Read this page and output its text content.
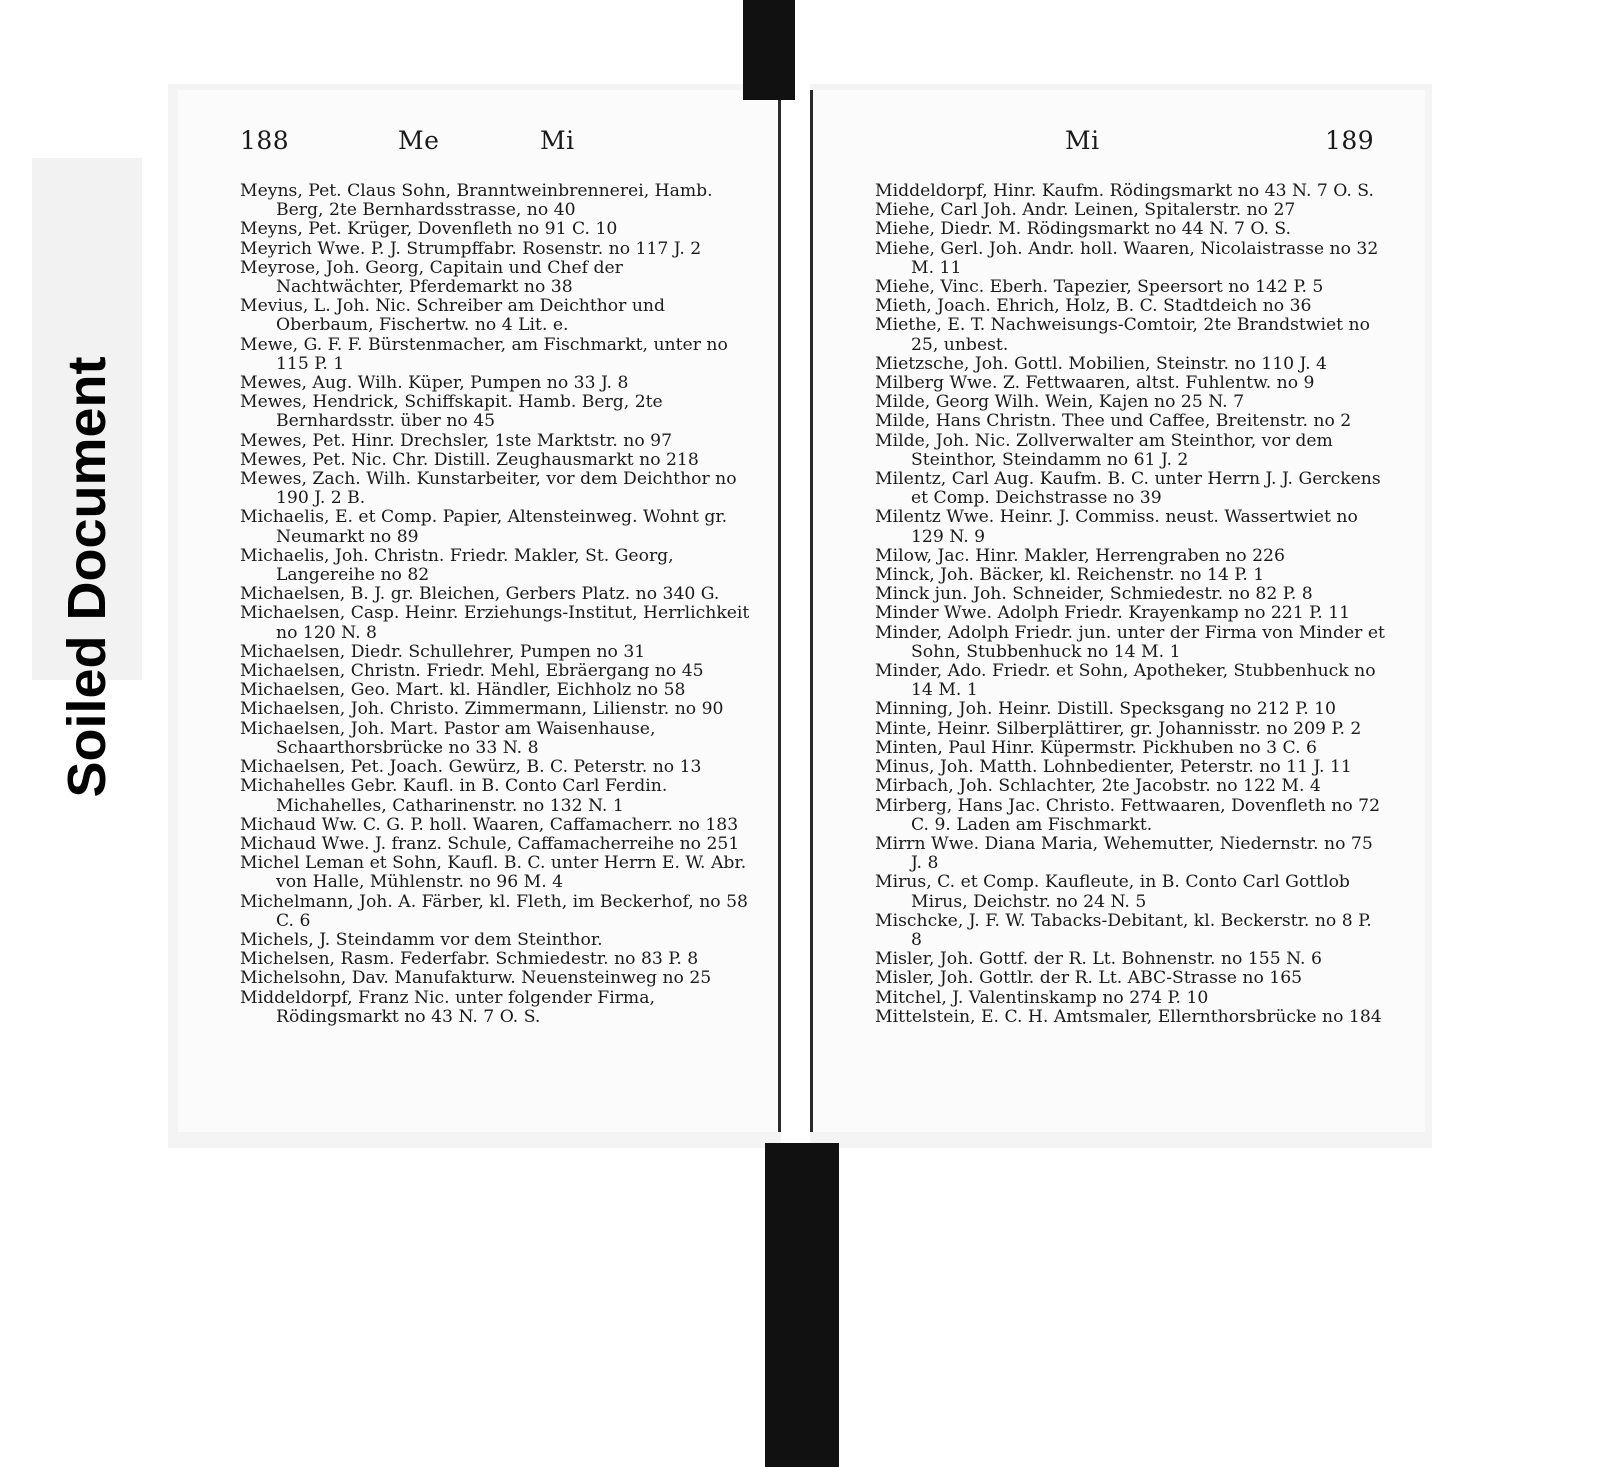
Soiled Document
188	Me	Mi
Meyns, Pet. Claus Sohn, Branntweinbrennerei, Hamb. Berg, 2te Bernhardsstrasse, no 40
Meyns, Pet. Krüger, Dovenfleth no 91 C. 10
Meyrich Wwe. P. J. Strumpffabr. Rosenstr. no 117 J. 2
Meyrose, Joh. Georg, Capitain und Chef der Nachtwächter, Pferdemarkt no 38
Mevius, L. Joh. Nic. Schreiber am Deichthor und Oberbaum, Fischertw. no 4 Lit. e.
Mewe, G. F. F. Bürstenmacher, am Fischmarkt, unter no 115 P. 1
Mewes, Aug. Wilh. Küper, Pumpen no 33 J. 8
Mewes, Hendrick, Schiffskapit. Hamb. Berg, 2te Bernhardsstr. über no 45
Mewes, Pet. Hinr. Drechsler, 1ste Marktstr. no 97
Mewes, Pet. Nic. Chr. Distill. Zeughausmarkt no 218
Mewes, Zach. Wilh. Kunstarbeiter, vor dem Deichthor no 190 J. 2 B.
Michaelis, E. et Comp. Papier, Altensteinweg. Wohnt gr. Neumarkt no 89
Michaelis, Joh. Christn. Friedr. Makler, St. Georg, Langereihe no 82
Michaelsen, B. J. gr. Bleichen, Gerbers Platz. no 340 G.
Michaelsen, Casp. Heinr. Erziehungs-Institut, Herrlichkeit no 120 N. 8
Michaelsen, Diedr. Schullehrer, Pumpen no 31
Michaelsen, Christn. Friedr. Mehl, Ebräergang no 45
Michaelsen, Geo. Mart. kl. Händler, Eichholz no 58
Michaelsen, Joh. Christo. Zimmermann, Lilienstr. no 90
Michaelsen, Joh. Mart. Pastor am Waisenhause, Schaarthorsbrücke no 33 N. 8
Michaelsen, Pet. Joach. Gewürz, B. C. Peterstr. no 13
Michahelles Gebr. Kaufl. in B. Conto Carl Ferdin. Michahelles, Catharinenstr. no 132 N. 1
Michaud Ww. C. G. P. holl. Waaren, Caffamacherr. no 183
Michaud Wwe. J. franz. Schule, Caffamacherreihe no 251
Michel Leman et Sohn, Kaufl. B. C. unter Herrn E. W. Abr. von Halle, Mühlenstr. no 96 M. 4
Michelmann, Joh. A. Färber, kl. Fleth, im Beckerhof, no 58 C. 6
Michels, J. Steindamm vor dem Steinthor.
Michelsen, Rasm. Federfabr. Schmiedestr. no 83 P. 8
Michelsohn, Dav. Manufakturw. Neuensteinweg no 25
Middeldorpf, Franz Nic. unter folgender Firma, Rödingsmarkt no 43 N. 7 O. S.
Mi	189
Middeldorpf, Hinr. Kaufm. Rödingsmarkt no 43 N. 7 O. S.
Miehe, Carl Joh. Andr. Leinen, Spitalerstr. no 27
Miehe, Diedr. M. Rödingsmarkt no 44 N. 7 O. S.
Miehe, Gerl. Joh. Andr. holl. Waaren, Nicolaistrasse no 32 M. 11
Miehe, Vinc. Eberh. Tapezier, Speersort no 142 P. 5
Mieth, Joach. Ehrich, Holz, B. C. Stadtdeich no 36
Miethe, E. T. Nachweisungs-Comtoir, 2te Brandstwiet no 25, unbest.
Mietzsche, Joh. Gottl. Mobilien, Steinstr. no 110 J. 4
Milberg Wwe. Z. Fettwaaren, altst. Fuhlentw. no 9
Milde, Georg Wilh. Wein, Kajen no 25 N. 7
Milde, Hans Christn. Thee und Caffee, Breitenstr. no 2
Milde, Joh. Nic. Zollverwalter am Steinthor, vor dem Steinthor, Steindamm no 61 J. 2
Milentz, Carl Aug. Kaufm. B. C. unter Herrn J. J. Gerckens et Comp. Deichstrasse no 39
Milentz Wwe. Heinr. J. Commiss. neust. Wassertwiet no 129 N. 9
Milow, Jac. Hinr. Makler, Herrengraben no 226
Minck, Joh. Bäcker, kl. Reichenstr. no 14 P. 1
Minck jun. Joh. Schneider, Schmiedestr. no 82 P. 8
Minder Wwe. Adolph Friedr. Krayenkamp no 221 P. 11
Minder, Adolph Friedr. jun. unter der Firma von Minder et Sohn, Stubbenhuck no 14 M. 1
Minder, Ado. Friedr. et Sohn, Apotheker, Stubbenhuck no 14 M. 1
Minning, Joh. Heinr. Distill. Specksgang no 212 P. 10
Minte, Heinr. Silberplättirer, gr. Johannisstr. no 209 P. 2
Minten, Paul Hinr. Küpermstr. Pickhuben no 3 C. 6
Minus, Joh. Matth. Lohnbedienter, Peterstr. no 11 J. 11
Mirbach, Joh. Schlachter, 2te Jacobstr. no 122 M. 4
Mirberg, Hans Jac. Christo. Fettwaaren, Dovenfleth no 72 C. 9. Laden am Fischmarkt.
Mirrn Wwe. Diana Maria, Wehemutter, Niedernstr. no 75 J. 8
Mirus, C. et Comp. Kaufleute, in B. Conto Carl Gottlob Mirus, Deichstr. no 24 N. 5
Mischcke, J. F. W. Tabacks-Debitant, kl. Beckerstr. no 8 P. 8
Misler, Joh. Gottf. der R. Lt. Bohnenstr. no 155 N. 6
Misler, Joh. Gottlr. der R. Lt. ABC-Strasse no 165
Mitchel, J. Valentinskamp no 274 P. 10
Mittelstein, E. C. H. Amtsmaler, Ellernthorsbrücke no 184
